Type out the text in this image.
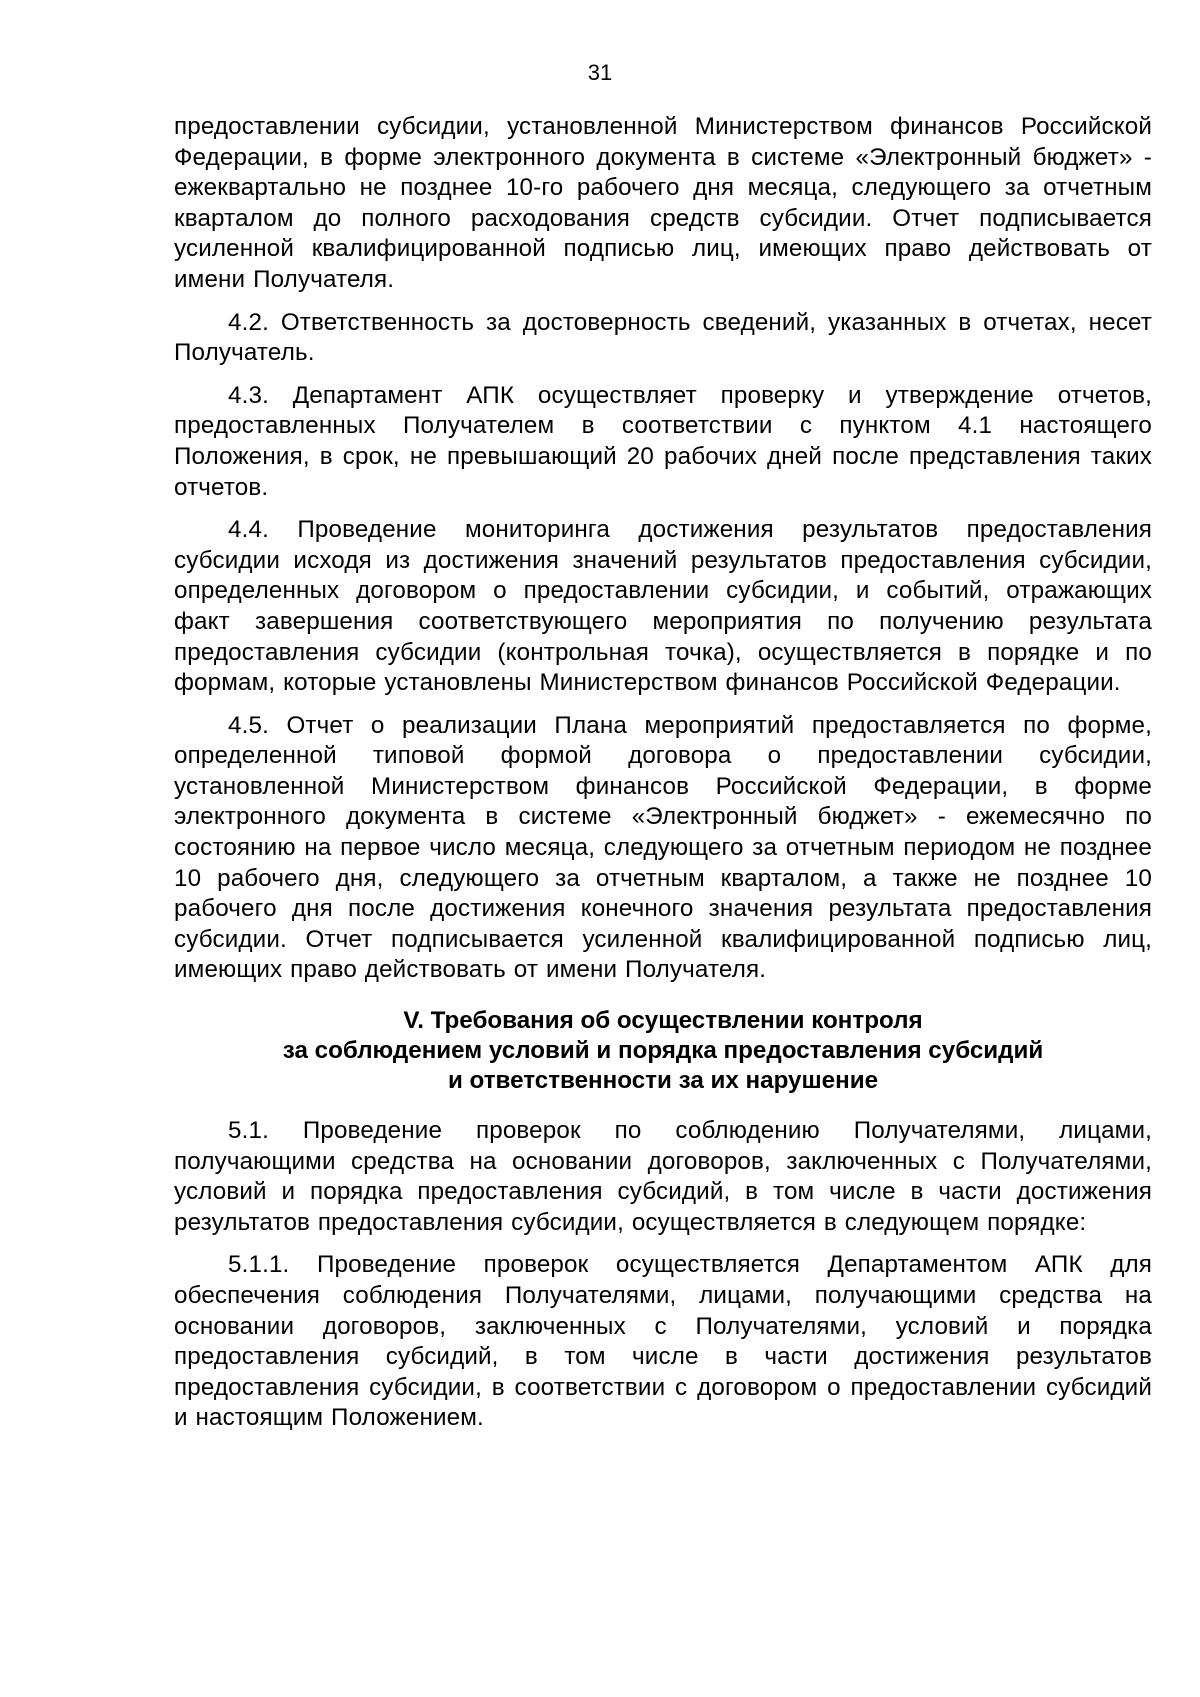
31

предоставлении субсидии, установленной Министерством финансов Российской Федерации, в форме электронного документа в системе «Электронный бюджет» - ежеквартально не позднее 10-го рабочего дня месяца, следующего за отчетным кварталом до полного расходования средств субсидии. Отчет подписывается усиленной квалифицированной подписью лиц, имеющих право действовать от имени Получателя.

4.2. Ответственность за достоверность сведений, указанных в отчетах, несет Получатель.

4.3. Департамент АПК осуществляет проверку и утверждение отчетов, предоставленных Получателем в соответствии с пунктом 4.1 настоящего Положения, в срок, не превышающий 20 рабочих дней после представления таких отчетов.

4.4. Проведение мониторинга достижения результатов предоставления субсидии исходя из достижения значений результатов предоставления субсидии, определенных договором о предоставлении субсидии, и событий, отражающих факт завершения соответствующего мероприятия по получению результата предоставления субсидии (контрольная точка), осуществляется в порядке и по формам, которые установлены Министерством финансов Российской Федерации.

4.5. Отчет о реализации Плана мероприятий предоставляется по форме, определенной типовой формой договора о предоставлении субсидии, установленной Министерством финансов Российской Федерации, в форме электронного документа в системе «Электронный бюджет» - ежемесячно по состоянию на первое число месяца, следующего за отчетным периодом не позднее 10 рабочего дня, следующего за отчетным кварталом, а также не позднее 10 рабочего дня после достижения конечного значения результата предоставления субсидии. Отчет подписывается усиленной квалифицированной подписью лиц, имеющих право действовать от имени Получателя.

V. Требования об осуществлении контроля
за соблюдением условий и порядка предоставления субсидий
и ответственности за их нарушение

5.1. Проведение проверок по соблюдению Получателями, лицами, получающими средства на основании договоров, заключенных с Получателями, условий и порядка предоставления субсидий, в том числе в части достижения результатов предоставления субсидии, осуществляется в следующем порядке:

5.1.1. Проведение проверок осуществляется Департаментом АПК для обеспечения соблюдения Получателями, лицами, получающими средства на основании договоров, заключенных с Получателями, условий и порядка предоставления субсидий, в том числе в части достижения результатов предоставления субсидии, в соответствии с договором о предоставлении субсидий и настоящим Положением.
